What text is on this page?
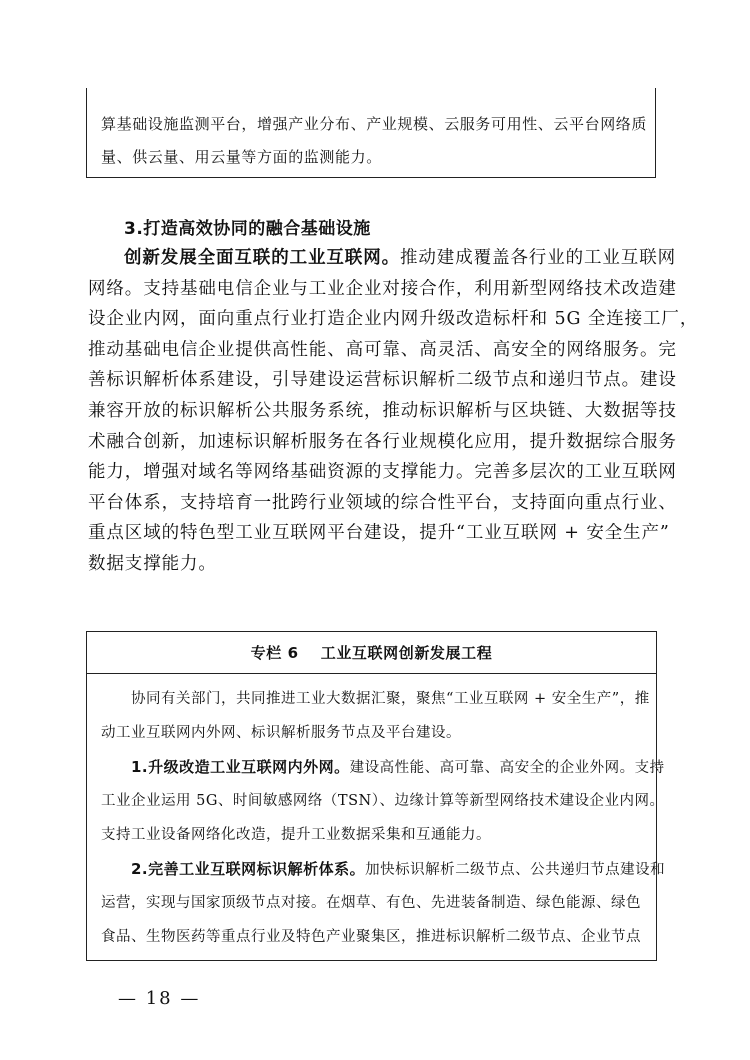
算基础设施监测平台，增强产业分布、产业规模、云服务可用性、云平台网络质

量、供云量、用云量等方面的监测能力。

3.打造高效协同的融合基础设施
创新发展全面互联的工业互联网。推动建成覆盖各行业的工业互联网
网络。支持基础电信企业与工业企业对接合作，利用新型网络技术改造建
设企业内网，面向重点行业打造企业内网升级改造标杆和 5G 全连接工厂，
推动基础电信企业提供高性能、高可靠、高灵活、高安全的网络服务。完
善标识解析体系建设，引导建设运营标识解析二级节点和递归节点。建设
兼容开放的标识解析公共服务系统，推动标识解析与区块链、大数据等技
术融合创新，加速标识解析服务在各行业规模化应用，提升数据综合服务
能力，增强对域名等网络基础资源的支撑能力。完善多层次的工业互联网
平台体系，支持培育一批跨行业领域的综合性平台，支持面向重点行业、
重点区域的特色型工业互联网平台建设，提升“工业互联网 + 安全生产”
数据支撑能力。
专栏 6 工业互联网创新发展工程
协同有关部门，共同推进工业大数据汇聚，聚焦“工业互联网 + 安全生产”，推
动工业互联网内外网、标识解析服务节点及平台建设。
1.升级改造工业互联网内外网。建设高性能、高可靠、高安全的企业外网。支持
工业企业运用 5G、时间敏感网络（TSN）、边缘计算等新型网络技术建设企业内网。
支持工业设备网络化改造，提升工业数据采集和互通能力。
2.完善工业互联网标识解析体系。加快标识解析二级节点、公共递归节点建设和
运营，实现与国家顶级节点对接。在烟草、有色、先进装备制造、绿色能源、绿色
食品、生物医药等重点行业及特色产业聚集区，推进标识解析二级节点、企业节点
— 18 —
